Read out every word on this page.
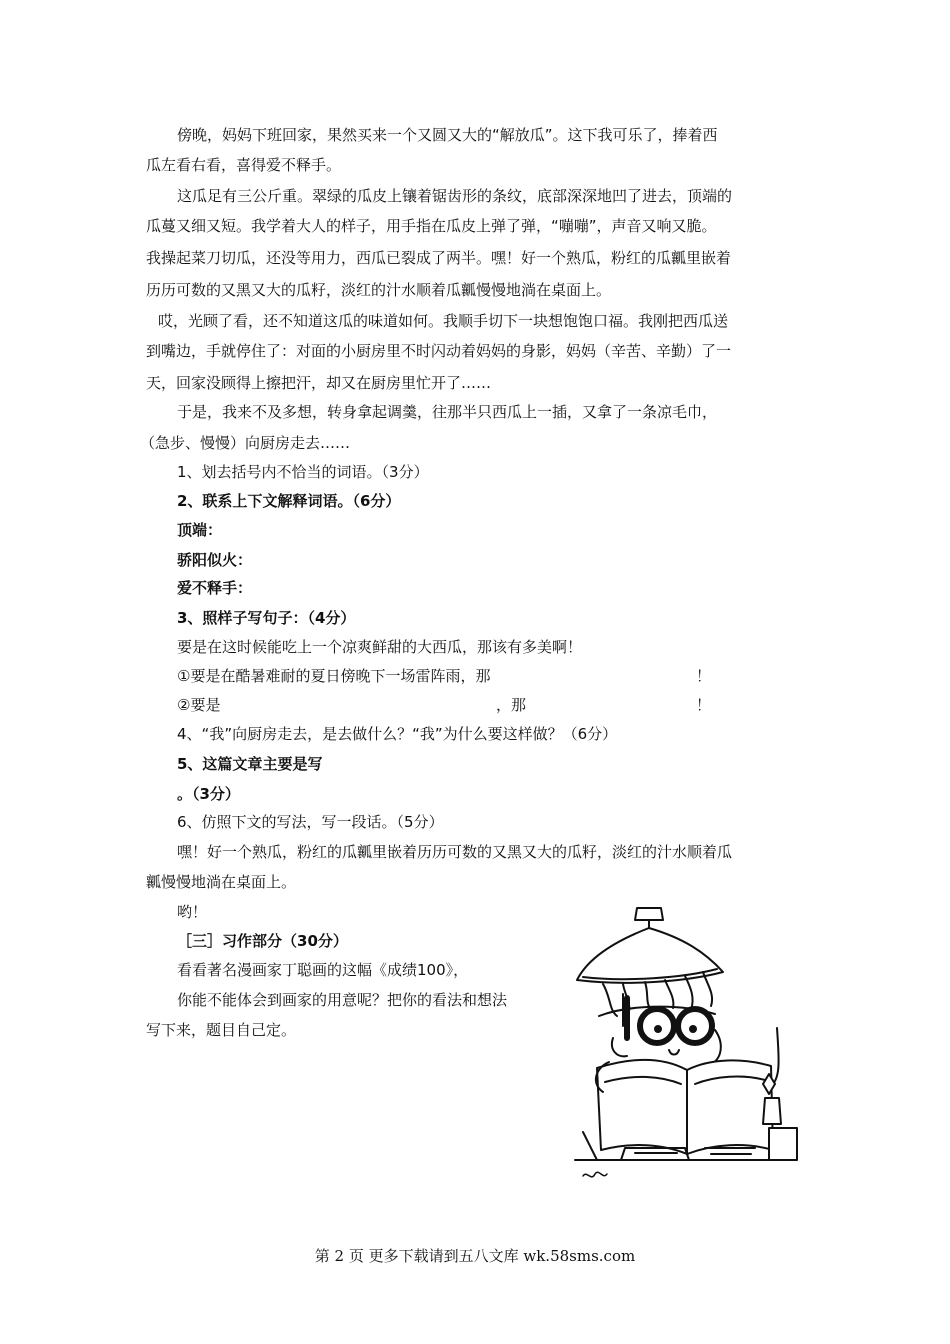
傍晚，妈妈下班回家，果然买来一个又圆又大的“解放瓜”。这下我可乐了，捧着西
瓜左看右看，喜得爱不释手。
这瓜足有三公斤重。翠绿的瓜皮上镶着锯齿形的条纹，底部深深地凹了进去，顶端的
瓜蔓又细又短。我学着大人的样子，用手指在瓜皮上弹了弹，“嘣嘣”，声音又响又脆。
我操起菜刀切瓜，还没等用力，西瓜已裂成了两半。嘿！好一个熟瓜，粉红的瓜瓤里嵌着
历历可数的又黑又大的瓜籽，淡红的汁水顺着瓜瓤慢慢地淌在桌面上。
哎，光顾了看，还不知道这瓜的味道如何。我顺手切下一块想饱饱口福。我刚把西瓜送
到嘴边，手就停住了：对面的小厨房里不时闪动着妈妈的身影，妈妈（辛苦、辛勤）了一
天，回家没顾得上擦把汗，却又在厨房里忙开了……
于是，我来不及多想，转身拿起调羹，往那半只西瓜上一插，又拿了一条凉毛巾，
（急步、慢慢）向厨房走去……
1、划去括号内不恰当的词语。（3分）
2、联系上下文解释词语。（6分）
顶端：
骄阳似火：
爱不释手：
3、照样子写句子：（4分）
要是在这时候能吃上一个凉爽鲜甜的大西瓜，那该有多美啊！
①要是在酷暑难耐的夏日傍晚下一场雷阵雨，那	！
②要是	，那	！
4、“我”向厨房走去，是去做什么？“我”为什么要这样做？（6分）
5、这篇文章主要是写
。（3分）
6、仿照下文的写法，写一段话。（5分）
嘿！好一个熟瓜，粉红的瓜瓤里嵌着历历可数的又黑又大的瓜籽，淡红的汁水顺着瓜
瓤慢慢地淌在桌面上。
哟！
［三］习作部分（30分）
看看著名漫画家丁聪画的这幅《成绩100》，
你能不能体会到画家的用意呢？把你的看法和想法
写下来，题目自己定。
100
第 2 页 更多下载请到五八文库 wk.58sms.com
